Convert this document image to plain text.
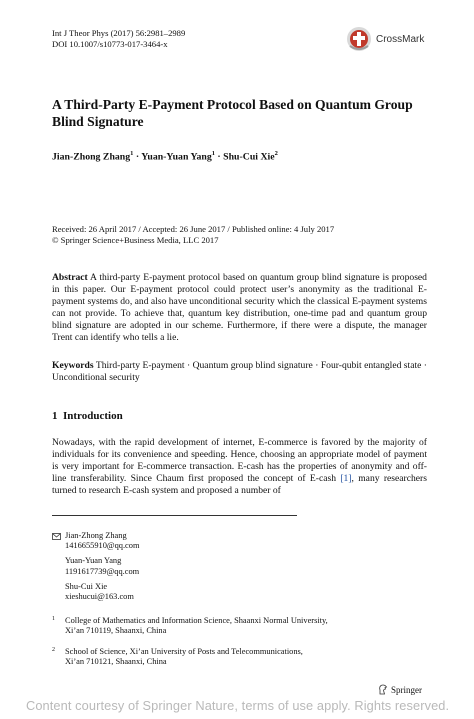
Int J Theor Phys (2017) 56:2981–2989
DOI 10.1007/s10773-017-3464-x	CrossMark
A Third-Party E-Payment Protocol Based on Quantum Group Blind Signature
Jian-Zhong Zhang$^1$ · Yuan-Yuan Yang$^1$ · Shu-Cui Xie$^2$
Received: 26 April 2017 / Accepted: 26 June 2017 / Published online: 4 July 2017
© Springer Science+Business Media, LLC 2017
Abstract A third-party E-payment protocol based on quantum group blind signature is proposed in this paper. Our E-payment protocol could protect user’s anonymity as the traditional E-payment systems do, and also have unconditional security which the classical E-payment systems can not provide. To achieve that, quantum key distribution, one-time pad and quantum group blind signature are adopted in our scheme. Furthermore, if there were a dispute, the manager Trent can identify who tells a lie.
Keywords Third-party E-payment · Quantum group blind signature · Four-qubit entangled state · Unconditional security
1 Introduction
Nowadays, with the rapid development of internet, E-commerce is favored by the majority of individuals for its convenience and speeding. Hence, choosing an appropriate model of payment is very important for E-commerce transaction. E-cash has the properties of anonymity and off-line transferability. Since Chaum first proposed the concept of E-cash [1], many researchers turned to research E-cash system and proposed a number of
Jian-Zhong Zhang
1416655910@qq.com
Yuan-Yuan Yang
1191617739@qq.com
Shu-Cui Xie
xieshucui@163.com
1 College of Mathematics and Information Science, Shaanxi Normal University,
Xi’an 710119, Shaanxi, China
2 School of Science, Xi’an University of Posts and Telecommunications,
Xi’an 710121, Shaanxi, China
Springer
Content courtesy of Springer Nature, terms of use apply. Rights reserved.
